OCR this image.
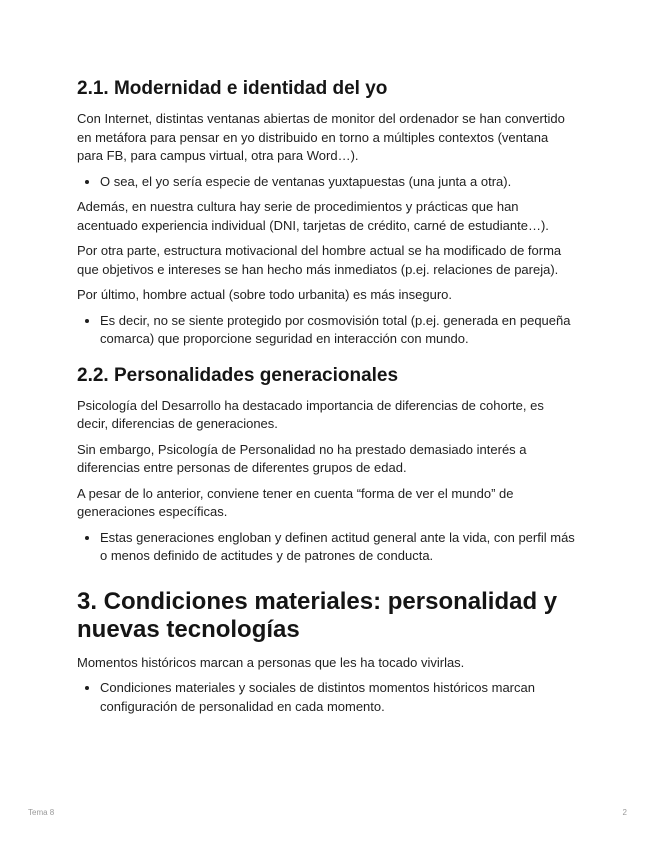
2.1. Modernidad e identidad del yo

Con Internet, distintas ventanas abiertas de monitor del ordenador se han convertido en metáfora para pensar en yo distribuido en torno a múltiples contextos (ventana para FB, para campus virtual, otra para Word…).

• O sea, el yo sería especie de ventanas yuxtapuestas (una junta a otra).

Además, en nuestra cultura hay serie de procedimientos y prácticas que han acentuado experiencia individual (DNI, tarjetas de crédito, carné de estudiante…).

Por otra parte, estructura motivacional del hombre actual se ha modificado de forma que objetivos e intereses se han hecho más inmediatos (p.ej. relaciones de pareja).

Por último, hombre actual (sobre todo urbanita) es más inseguro.

• Es decir, no se siente protegido por cosmovisión total (p.ej. generada en pequeña comarca) que proporcione seguridad en interacción con mundo.
2.2. Personalidades generacionales

Psicología del Desarrollo ha destacado importancia de diferencias de cohorte, es decir, diferencias de generaciones.

Sin embargo, Psicología de Personalidad no ha prestado demasiado interés a diferencias entre personas de diferentes grupos de edad.

A pesar de lo anterior, conviene tener en cuenta “forma de ver el mundo” de generaciones específicas.

• Estas generaciones engloban y definen actitud general ante la vida, con perfil más o menos definido de actitudes y de patrones de conducta.
3. Condiciones materiales: personalidad y nuevas tecnologías

Momentos históricos marcan a personas que les ha tocado vivirlas.

• Condiciones materiales y sociales de distintos momentos históricos marcan configuración de personalidad en cada momento.
Tema 8	2
